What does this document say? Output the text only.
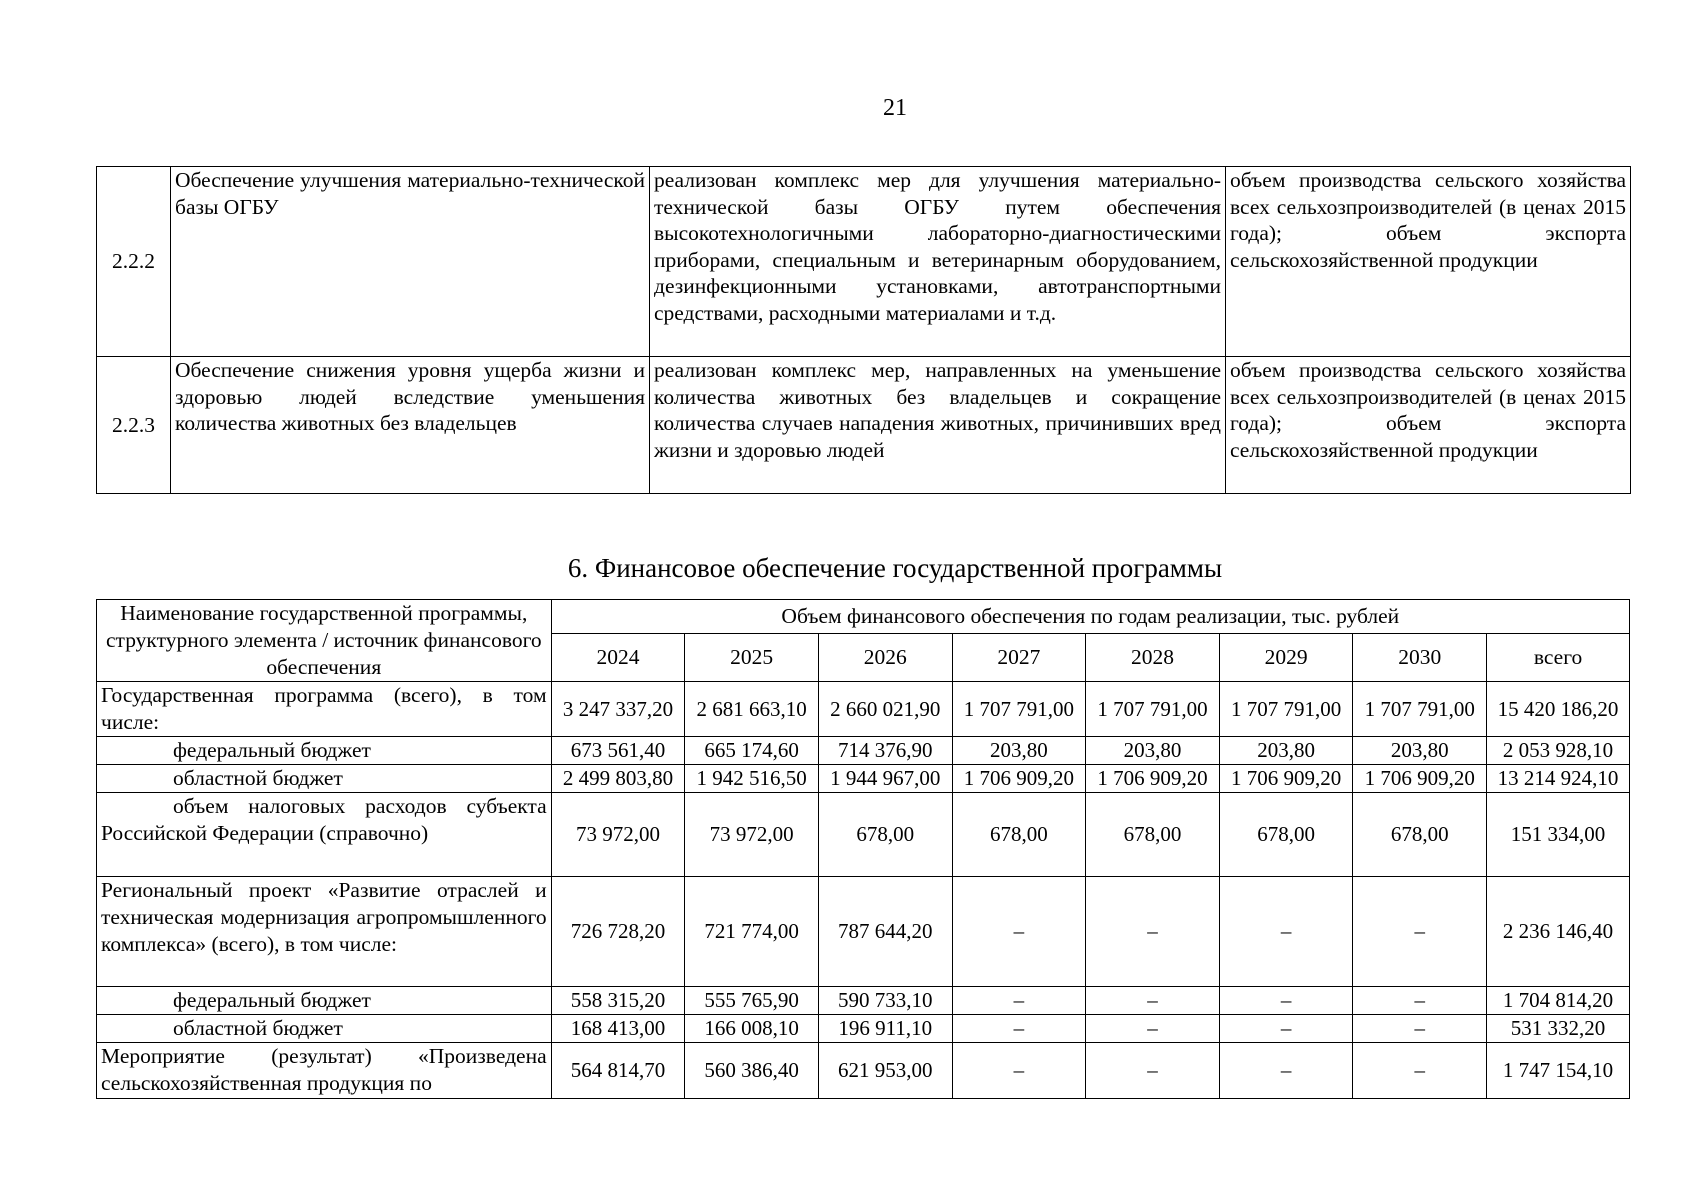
21
2.2.2	Обеспечение улучшения материально-технической базы ОГБУ	реализован комплекс мер для улучшения материально-технической базы ОГБУ путем обеспечения высокотехнологичными лабораторно-диагностическими приборами, специальным и ветеринарным оборудованием, дезинфекционными установками, автотранспортными средствами, расходными материалами и т.д.	объем производства сельского хозяйства всех сельхозпроизводителей (в ценах 2015 года); объем экспорта сельскохозяйственной продукции
2.2.3	Обеспечение снижения уровня ущерба жизни и здоровью людей вследствие уменьшения количества животных без владельцев	реализован комплекс мер, направленных на уменьшение количества животных без владельцев и сокращение количества случаев нападения животных, причинивших вред жизни и здоровью людей	объем производства сельского хозяйства всех сельхозпроизводителей (в ценах 2015 года); объем экспорта сельскохозяйственной продукции
6. Финансовое обеспечение государственной программы
Наименование государственной программы, структурного элемента / источник финансового обеспечения	Объем финансового обеспечения по годам реализации, тыс. рублей							
	2024	2025	2026	2027	2028	2029	2030	всего
Государственная программа (всего), в том числе:	3 247 337,20	2 681 663,10	2 660 021,90	1 707 791,00	1 707 791,00	1 707 791,00	1 707 791,00	15 420 186,20
федеральный бюджет	673 561,40	665 174,60	714 376,90	203,80	203,80	203,80	203,80	2 053 928,10
областной бюджет	2 499 803,80	1 942 516,50	1 944 967,00	1 706 909,20	1 706 909,20	1 706 909,20	1 706 909,20	13 214 924,10
объем налоговых расходов субъекта Российской Федерации (справочно)	73 972,00	73 972,00	678,00	678,00	678,00	678,00	678,00	151 334,00
Региональный проект «Развитие отраслей и техническая модернизация агропромышленного комплекса» (всего), в том числе:	726 728,20	721 774,00	787 644,20	–	–	–	–	2 236 146,40
федеральный бюджет	558 315,20	555 765,90	590 733,10	–	–	–	–	1 704 814,20
областной бюджет	168 413,00	166 008,10	196 911,10	–	–	–	–	531 332,20
Мероприятие (результат) «Произведена сельскохозяйственная продукция по	564 814,70	560 386,40	621 953,00	–	–	–	–	1 747 154,10
